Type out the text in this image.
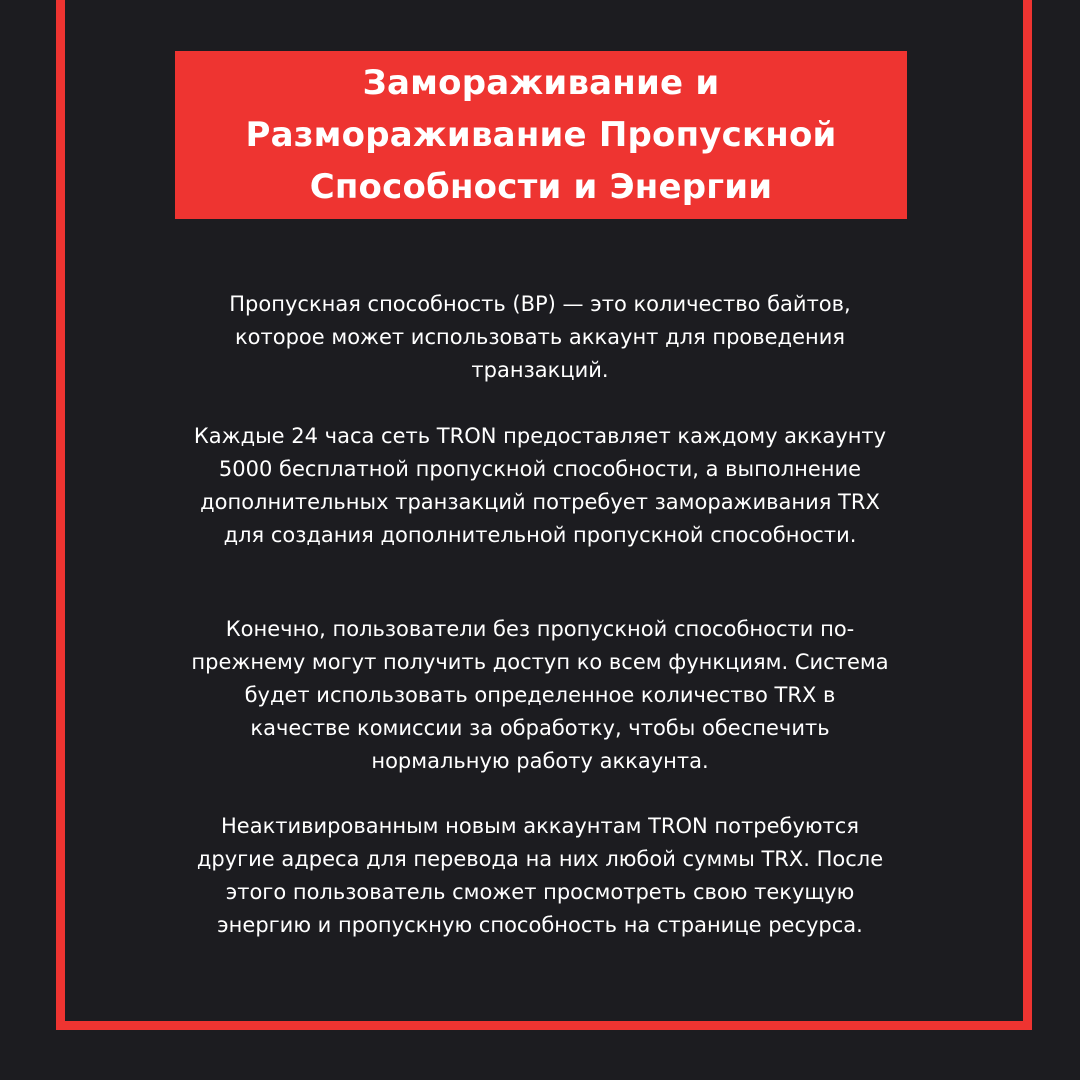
Замораживание и
Размораживание Пропускной
Способности и Энергии

Пропускная способность (BP) — это количество байтов,
которое может использовать аккаунт для проведения
транзакций.

Каждые 24 часа сеть TRON предоставляет каждому аккаунту
5000 бесплатной пропускной способности, а выполнение
дополнительных транзакций потребует замораживания TRX
для создания дополнительной пропускной способности.

Конечно, пользователи без пропускной способности по-
прежнему могут получить доступ ко всем функциям. Система
будет использовать определенное количество TRX в
качестве комиссии за обработку, чтобы обеспечить
нормальную работу аккаунта.

Неактивированным новым аккаунтам TRON потребуются
другие адреса для перевода на них любой суммы TRX. После
этого пользователь сможет просмотреть свою текущую
энергию и пропускную способность на странице ресурса.
